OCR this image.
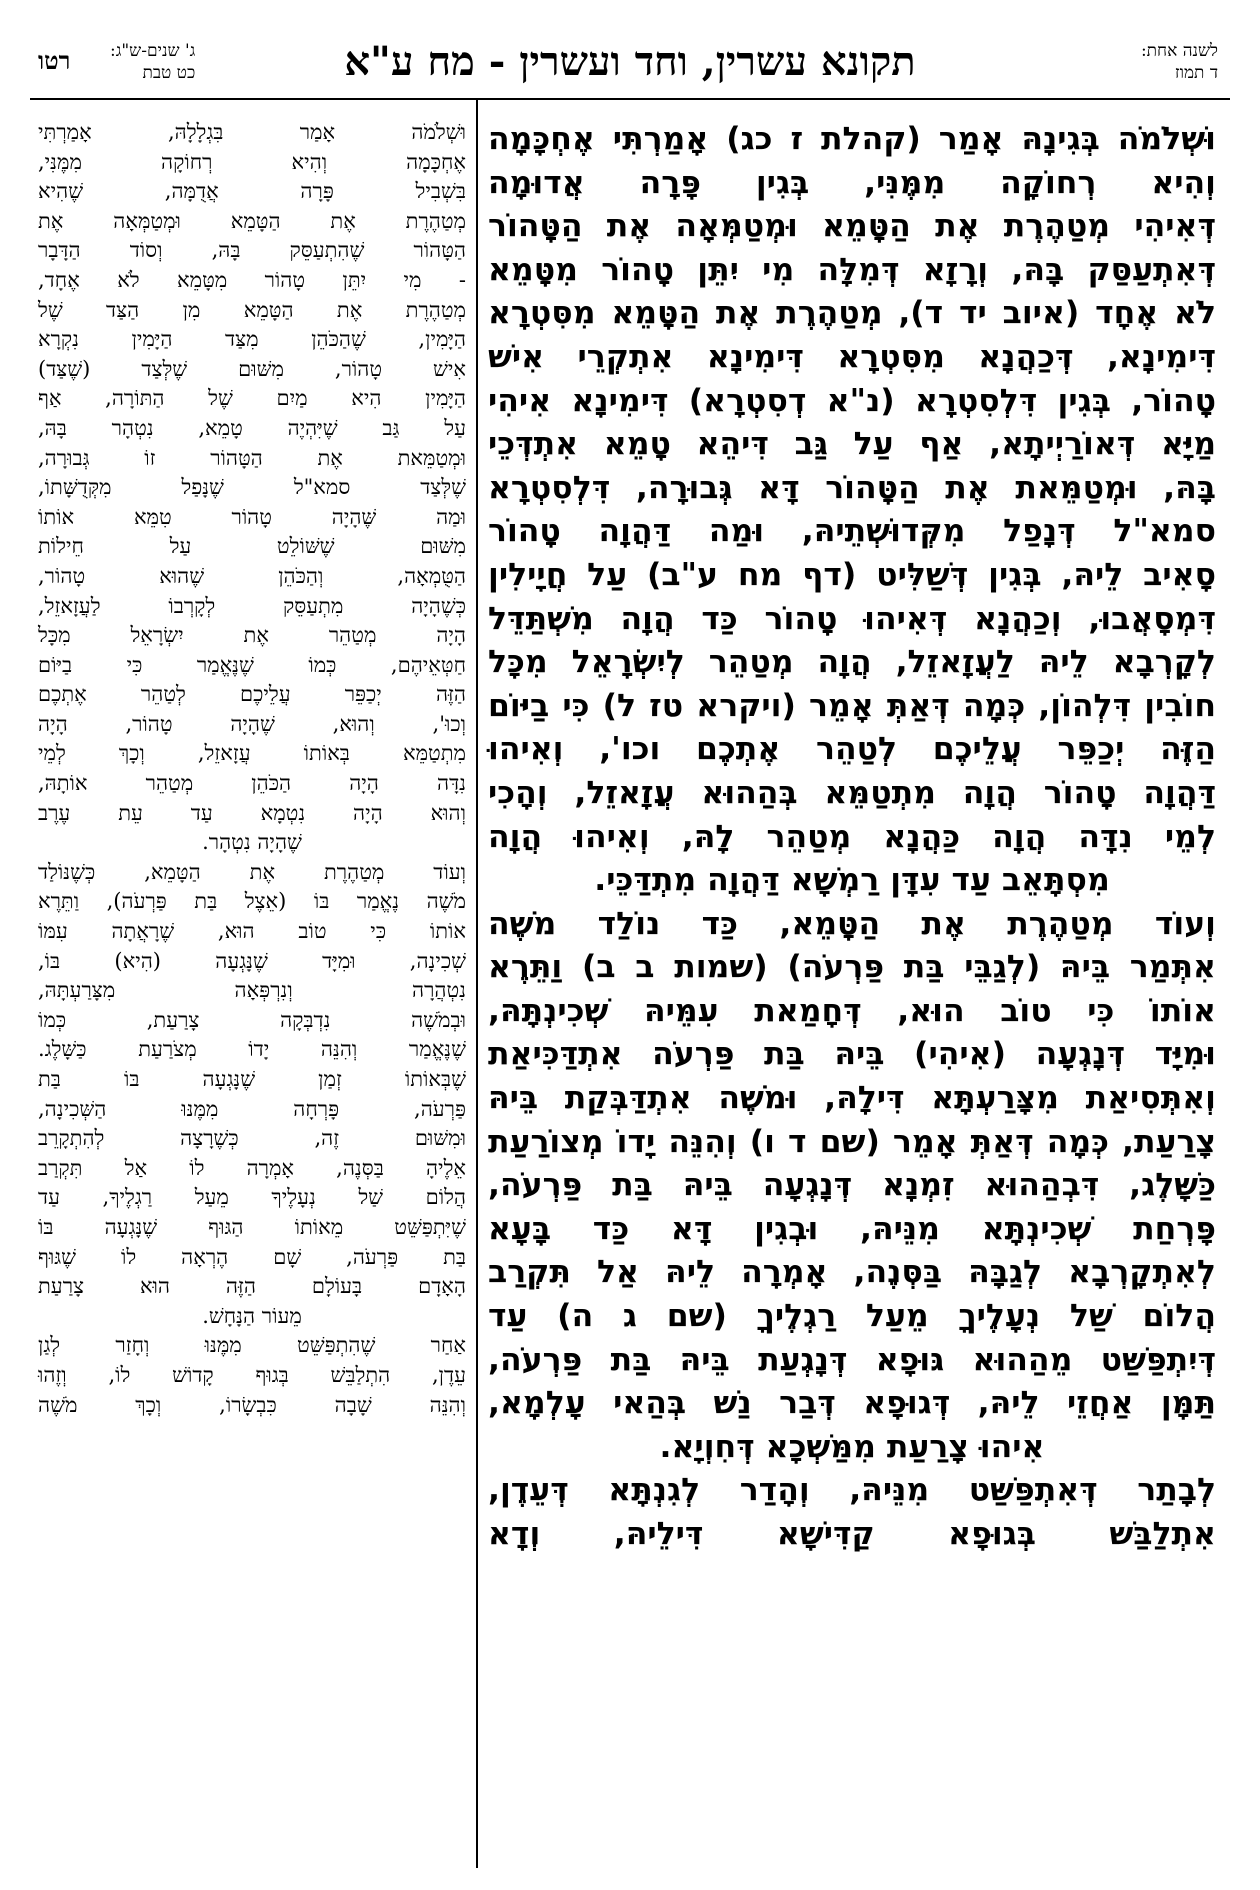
לשנה אחת:
ד תמוז
תקונא עשרין, וחד ועשרין - מח ע"א
ג' שנים-ש"ג:
כט טבת
רטו

וּשְׁלֹמֹה בְּגִינָהּ אָמַר (קהלת ז כג) אָמַרְתִּי אֶחְכָּמָה

וְהִיא רְחוֹקָה מִמֶּנִּי, בְּגִין פָּרָה אֲדוּמָה

דְּאִיהִי מְטַהֶרֶת אֶת הַטָּמֵא וּמְטַמְּאָה אֶת הַטָּהוֹר

דְּאִתְעַסַּק בָּהּ, וְרָזָא דְּמִלָּה מִי יִתֵּן טָהוֹר מִטָּמֵא

לֹא אֶחָד (איוב יד ד), מְטַהֶרֶת אֶת הַטָּמֵא מִסִּטְרָא

דִּימִינָא, דְּכַהֲנָא מִסִּטְרָא דִּימִינָא אִתְקְרֵי אִישׁ

טָהוֹר, בְּגִין דִּלְסִטְרָא (נ"א דְסִטְרָא) דִּימִינָא אִיהִי

מַיָּא דְּאוֹרַיְיתָא, אַף עַל גַּב דִּיהֵא טָמֵא אִתְדְּכֵי

בָּהּ, וּמְטַמֵּאת אֶת הַטָּהוֹר דָּא גְּבוּרָה, דִּלְסִטְרָא

סמא"ל דְּנָפַל מִקְּדוּשְׁתֵיהּ, וּמַה דַּהֲוָה טָהוֹר

סָאִיב לֵיהּ, בְּגִין דְּשַׁלִּיט (דף מח ע"ב) עַל חֲיָילִין

דִּמְסָאֲבוּ, וְכַהֲנָא דְּאִיהוּ טָהוֹר כַּד הֲוָה מִשְׁתַּדֵּל

לְקָרְבָא לֵיהּ לַעֲזָאזֵל, הֲוָה מְטַהֵר לְיִשְׂרָאֵל מִכָּל

חוֹבִין דִּלְהוֹן, כְּמָה דְּאַתְּ אָמֵר (ויקרא טז ל) כִּי בַיּוֹם

הַזֶּה יְכַפֵּר עֲלֵיכֶם לְטַהֵר אֶתְכֶם וכו', וְאִיהוּ

דַּהֲוָה טָהוֹר הֲוָה מִתְטַמֵּא בְּהַהוּא עֲזָאזֵל, וְהָכִי

לְמֵי נִדָּה הֲוָה כַּהֲנָא מְטַהֵר לָהּ, וְאִיהוּ הֲוָה

מִסְתָּאֵב עַד עִדָּן רַמְשָׁא דַּהֲוָה מִתְדַּכֵּי.

וְעוֹד מְטַהֶרֶת אֶת הַטָּמֵא, כַּד נוֹלַד מֹשֶׁה

אִתְּמַר בֵּיהּ (לְגַבֵּי בַּת פַּרְעֹה) (שמות ב ב) וַתֵּרֶא

אוֹתוֹ כִּי טוֹב הוּא, דְּחָמַאת עִמֵּיהּ שְׁכִינְתָּהּ,

וּמִיָּד דְּנָגְעָה (אִיהִי) בֵּיהּ בַּת פַּרְעֹה אִתְדַּכִּיאַת

וְאִתְּסִיאַת מִצָּרַעְתָּא דִּילָהּ, וּמֹשֶׁה אִתְדַּבְּקַת בֵּיהּ

צָרַעַת, כְּמָה דְּאַתְּ אָמֵר (שם ד ו) וְהִנֵּה יָדוֹ מְצוֹרַעַת

כַּשָּׁלֶג, דִּבְהַהוּא זִמְנָא דְּנָגְעָה בֵּיהּ בַּת פַּרְעֹה,

פָּרְחַת שְׁכִינְתָּא מִנֵּיהּ, וּבְגִין דָּא כַּד בָּעָא

לְאִתְקָרְבָא לְגַבָּהּ בַּסְּנֶה, אָמְרָה לֵיהּ אַל תִּקְרַב

הֲלוֹם שַׁל נְעָלֶיךָ מֵעַל רַגְלֶיךָ (שם ג ה) עַד

דְּיִתְפַּשַּׁט מֵהַהוּא גּוּפָא דְּנָגְעַת בֵּיהּ בַּת פַּרְעֹה,

תַּמָּן אַחֲזֵי לֵיהּ, דְּגוּפָא דְּבַר נַשׁ בְּהַאי עָלְמָא,

אִיהוּ צָרַעַת מִמַּשְׁכָא דְּחִוְיָא.

לְבָתַר דְּאִתְפַּשַּׁט מִנֵּיהּ, וְהָדַר לְגִנְתָּא דְּעֵדֶן,

אִתְלַבַּשׁ בְּגוּפָא קַדִּישָׁא דִּילֵיהּ, וְדָא

וּשְׁלֹמֹה אָמַר בִּגְלָלָהּ, אָמַרְתִּי

אֶחְכָּמָה וְהִיא רְחוֹקָה מִמֶּנִּי,

בִּשְׁבִיל פָּרָה אֲדֻמָּה, שֶׁהִיא

מְטַהֶרֶת אֶת הַטָּמֵא וּמְטַמְּאָה אֶת

הַטָּהוֹר שֶׁהִתְעַסֵּק בָּהּ, וְסוֹד הַדָּבָר

- מִי יִתֵּן טָהוֹר מִטָּמֵא לֹא אֶחָד,

מְטַהֶרֶת אֶת הַטָּמֵא מִן הַצַּד שֶׁל

הַיָּמִין, שֶׁהַכֹּהֵן מִצַּד הַיָּמִין נִקְרָא

אִישׁ טָהוֹר, מִשּׁוּם שֶׁלְּצַד (שֶׁצַּד)

הַיָּמִין הִיא מַיִם שֶׁל הַתּוֹרָה, אַף

עַל גַּב שֶׁיִּהְיֶה טָמֵא, נִטְהָר בָּהּ,

וּמְטַמֵּאת אֶת הַטָּהוֹר זוֹ גְּבוּרָה,

שֶׁלְּצַד סמא"ל שֶׁנָּפַל מִקְּדֻשָּׁתוֹ,

וּמַה שֶּׁהָיָה טָהוֹר טִמֵּא אוֹתוֹ

מִשּׁוּם שֶׁשּׁוֹלֵט עַל חֵילוֹת

הַטֻּמְאָה, וְהַכֹּהֵן שֶׁהוּא טָהוֹר,

כְּשֶׁהָיָה מִתְעַסֵּק לְקָרְבוֹ לַעֲזָאזֵל,

הָיָה מְטַהֵר אֶת יִשְׂרָאֵל מִכָּל

חַטְּאֵיהֶם, כְּמוֹ שֶׁנֶּאֱמַר כִּי בַיּוֹם

הַזֶּה יְכַפֵּר עֲלֵיכֶם לְטַהֵר אֶתְכֶם

וְכוּ', וְהוּא, שֶׁהָיָה טָהוֹר, הָיָה

מִתְטַמֵּא בְּאוֹתוֹ עֲזָאזֵל, וְכָךְ לְמֵי

נִדָּה הָיָה הַכֹּהֵן מְטַהֵר אוֹתָהּ,

וְהוּא הָיָה נִטְמָא עַד עֵת עֶרֶב

שֶׁהָיָה נִטְהָר.

וְעוֹד מְטַהֶרֶת אֶת הַטָּמֵא, כְּשֶׁנּוֹלַד

מֹשֶׁה נֶאֱמַר בּוֹ (אֵצֶל בַּת פַּרְעֹה), וַתֵּרֶא

אוֹתוֹ כִּי טוֹב הוּא, שֶׁרָאֲתָה עִמּוֹ

שְׁכִינָה, וּמִיָּד שֶׁנָּגְעָה (הִיא) בּוֹ,

נִטְהֲרָה וְנִרְפְּאָה מִצָּרַעְתָּהּ,

וּבְמֹשֶׁה נִדְבְּקָה צָרַעַת, כְּמוֹ

שֶׁנֶּאֱמַר וְהִנֵּה יָדוֹ מְצֹרַעַת כַּשָּׁלֶג.

שֶׁבְּאוֹתוֹ זְמַן שֶׁנָּגְעָה בּוֹ בַּת

פַּרְעֹה, פָּרְחָה מִמֶּנּוּ הַשְּׁכִינָה,

וּמִשּׁוּם זֶה, כְּשֶׁרָצָה לְהִתְקָרֵב

אֵלֶיהָ בַּסְּנֶה, אָמְרָה לוֹ אַל תִּקְרַב

הֲלוֹם שַׁל נְעָלֶיךָ מֵעַל רַגְלֶיךָ, עַד

שֶׁיִּתְפַּשֵּׁט מֵאוֹתוֹ הַגּוּף שֶׁנָּגְעָה בּוֹ

בַּת פַּרְעֹה, שָׁם הֶרְאָה לוֹ שֶׁגּוּף

הָאָדָם בָּעוֹלָם הַזֶּה הוּא צָרַעַת

מֵעוֹר הַנָּחָשׁ.

אַחַר שֶׁהִתְפַּשֵּׁט מִמֶּנּוּ וְחָזַר לְגַן

עֵדֶן, הִתְלַבֵּשׁ בְּגוּף קָדוֹשׁ לוֹ, וְזֶהוּ

וְהִנֵּה שָׁבָה כִּבְשָׂרוֹ, וְכָךְ מֹשֶׁה
